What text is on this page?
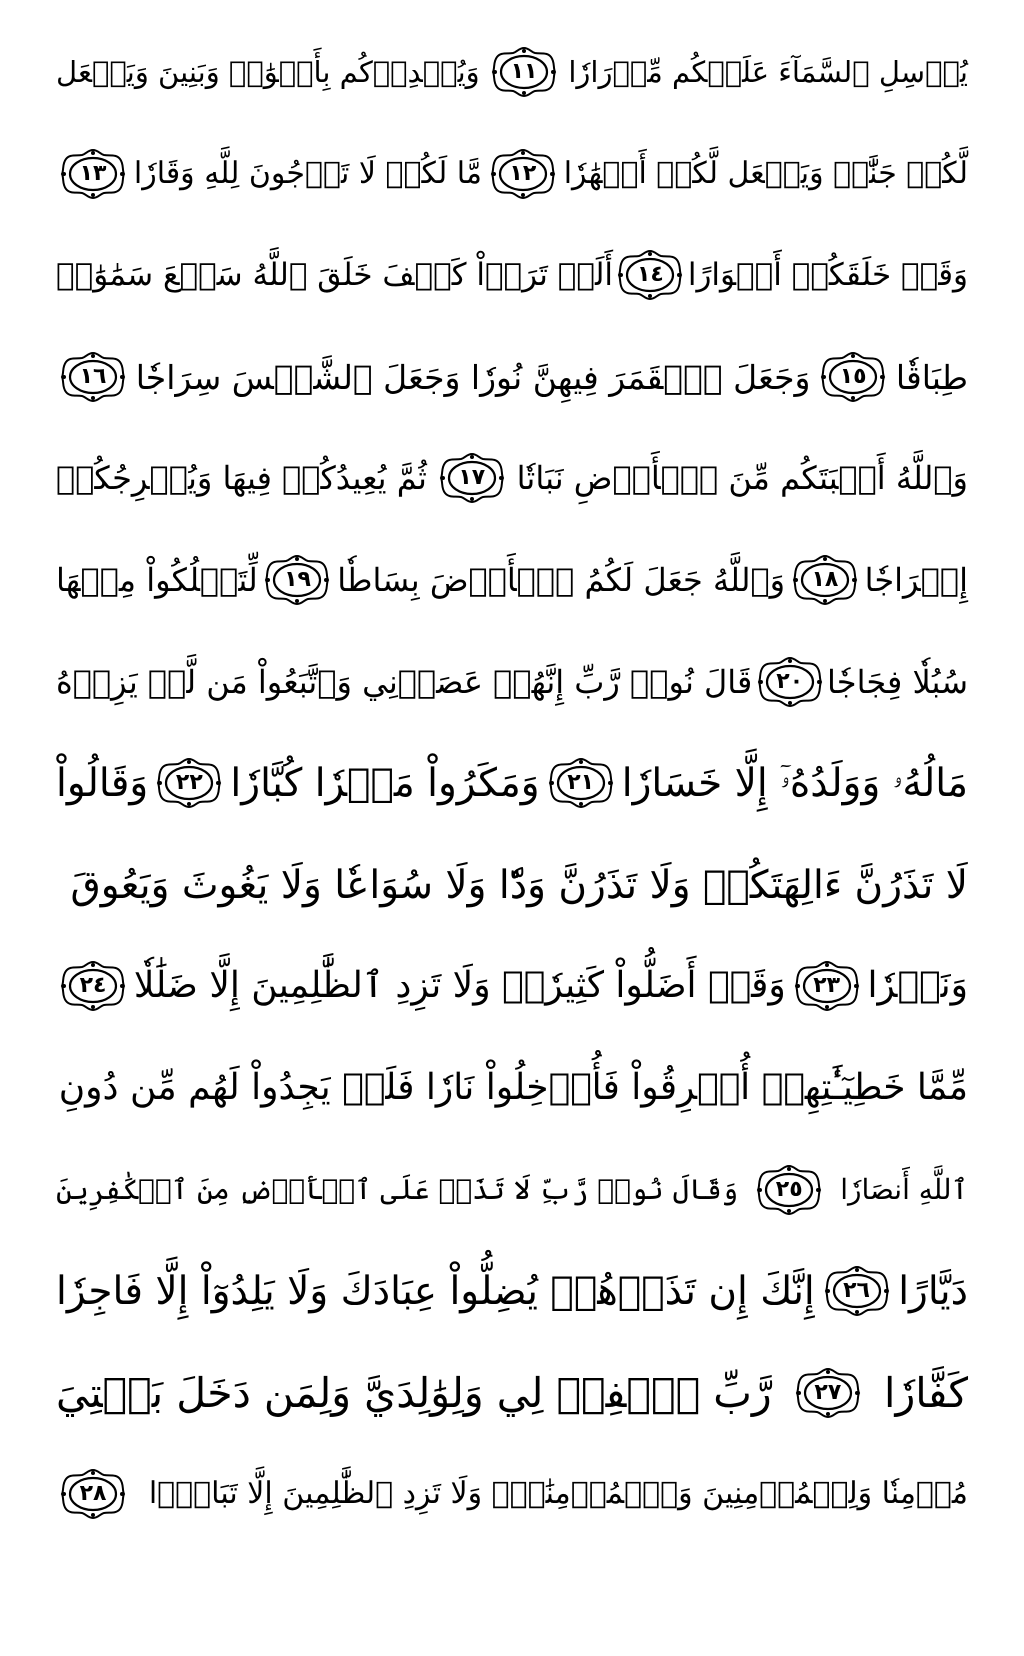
يُرۡسِلِ ٱلسَّمَآءَ عَلَيۡكُم مِّدۡرَارٗا
١١
وَيُمۡدِدۡكُم بِأَمۡوَٰلٖ وَبَنِينَ وَيَجۡعَل
لَّكُمۡ جَنَّٰتٖ وَيَجۡعَل لَّكُمۡ أَنۡهَٰرٗا
١٢
مَّا لَكُمۡ لَا تَرۡجُونَ لِلَّهِ وَقَارٗا
١٣
وَقَدۡ خَلَقَكُمۡ أَطۡوَارًا
١٤
أَلَمۡ تَرَوۡاْ كَيۡفَ خَلَقَ ٱللَّهُ سَبۡعَ سَمَٰوَٰتٖ
طِبَاقٗا
١٥
وَجَعَلَ ٱلۡقَمَرَ فِيهِنَّ نُورٗا وَجَعَلَ ٱلشَّمۡسَ سِرَاجٗا
١٦
وَٱللَّهُ أَنۢبَتَكُم مِّنَ ٱلۡأَرۡضِ نَبَاتٗا
١٧
ثُمَّ يُعِيدُكُمۡ فِيهَا وَيُخۡرِجُكُمۡ
إِخۡرَاجٗا
١٨
وَٱللَّهُ جَعَلَ لَكُمُ ٱلۡأَرۡضَ بِسَاطٗا
١٩
لِّتَسۡلُكُواْ مِنۡهَا
سُبُلٗا فِجَاجٗا
٢٠
قَالَ نُوحٞ رَّبِّ إِنَّهُمۡ عَصَوۡنِي وَٱتَّبَعُواْ مَن لَّمۡ يَزِدۡهُ
مَالُهُۥ وَوَلَدُهُۥٓ إِلَّا خَسَارٗا
٢١
وَمَكَرُواْ مَكۡرٗا كُبَّارٗا
٢٢
وَقَالُواْ
لَا تَذَرُنَّ ءَالِهَتَكُمۡ وَلَا تَذَرُنَّ وَدّٗا وَلَا سُوَاعٗا وَلَا يَغُوثَ وَيَعُوقَ
وَنَسۡرٗا
٢٣
وَقَدۡ أَضَلُّواْ كَثِيرٗاۖ وَلَا تَزِدِ ٱلظَّٰلِمِينَ إِلَّا ضَلَٰلٗا
٢٤
مِّمَّا خَطِيٓـَٰٔتِهِمۡ أُغۡرِقُواْ فَأُدۡخِلُواْ نَارٗا فَلَمۡ يَجِدُواْ لَهُم مِّن دُونِ
ٱللَّهِ أَنصَارٗا
٢٥
وَقَالَ نُوحٞ رَّبِّ لَا تَذَرۡ عَلَى ٱلۡأَرۡضِ مِنَ ٱلۡكَٰفِرِينَ
دَيَّارًا
٢٦
إِنَّكَ إِن تَذَرۡهُمۡ يُضِلُّواْ عِبَادَكَ وَلَا يَلِدُوٓاْ إِلَّا فَاجِرٗا
كَفَّارٗا
٢٧
رَّبِّ ٱغۡفِرۡ لِي وَلِوَٰلِدَيَّ وَلِمَن دَخَلَ بَيۡتِيَ
مُؤۡمِنٗا وَلِلۡمُؤۡمِنِينَ وَٱلۡمُؤۡمِنَٰتِۖ وَلَا تَزِدِ ٱلظَّٰلِمِينَ إِلَّا تَبَارَۢا
٢٨
